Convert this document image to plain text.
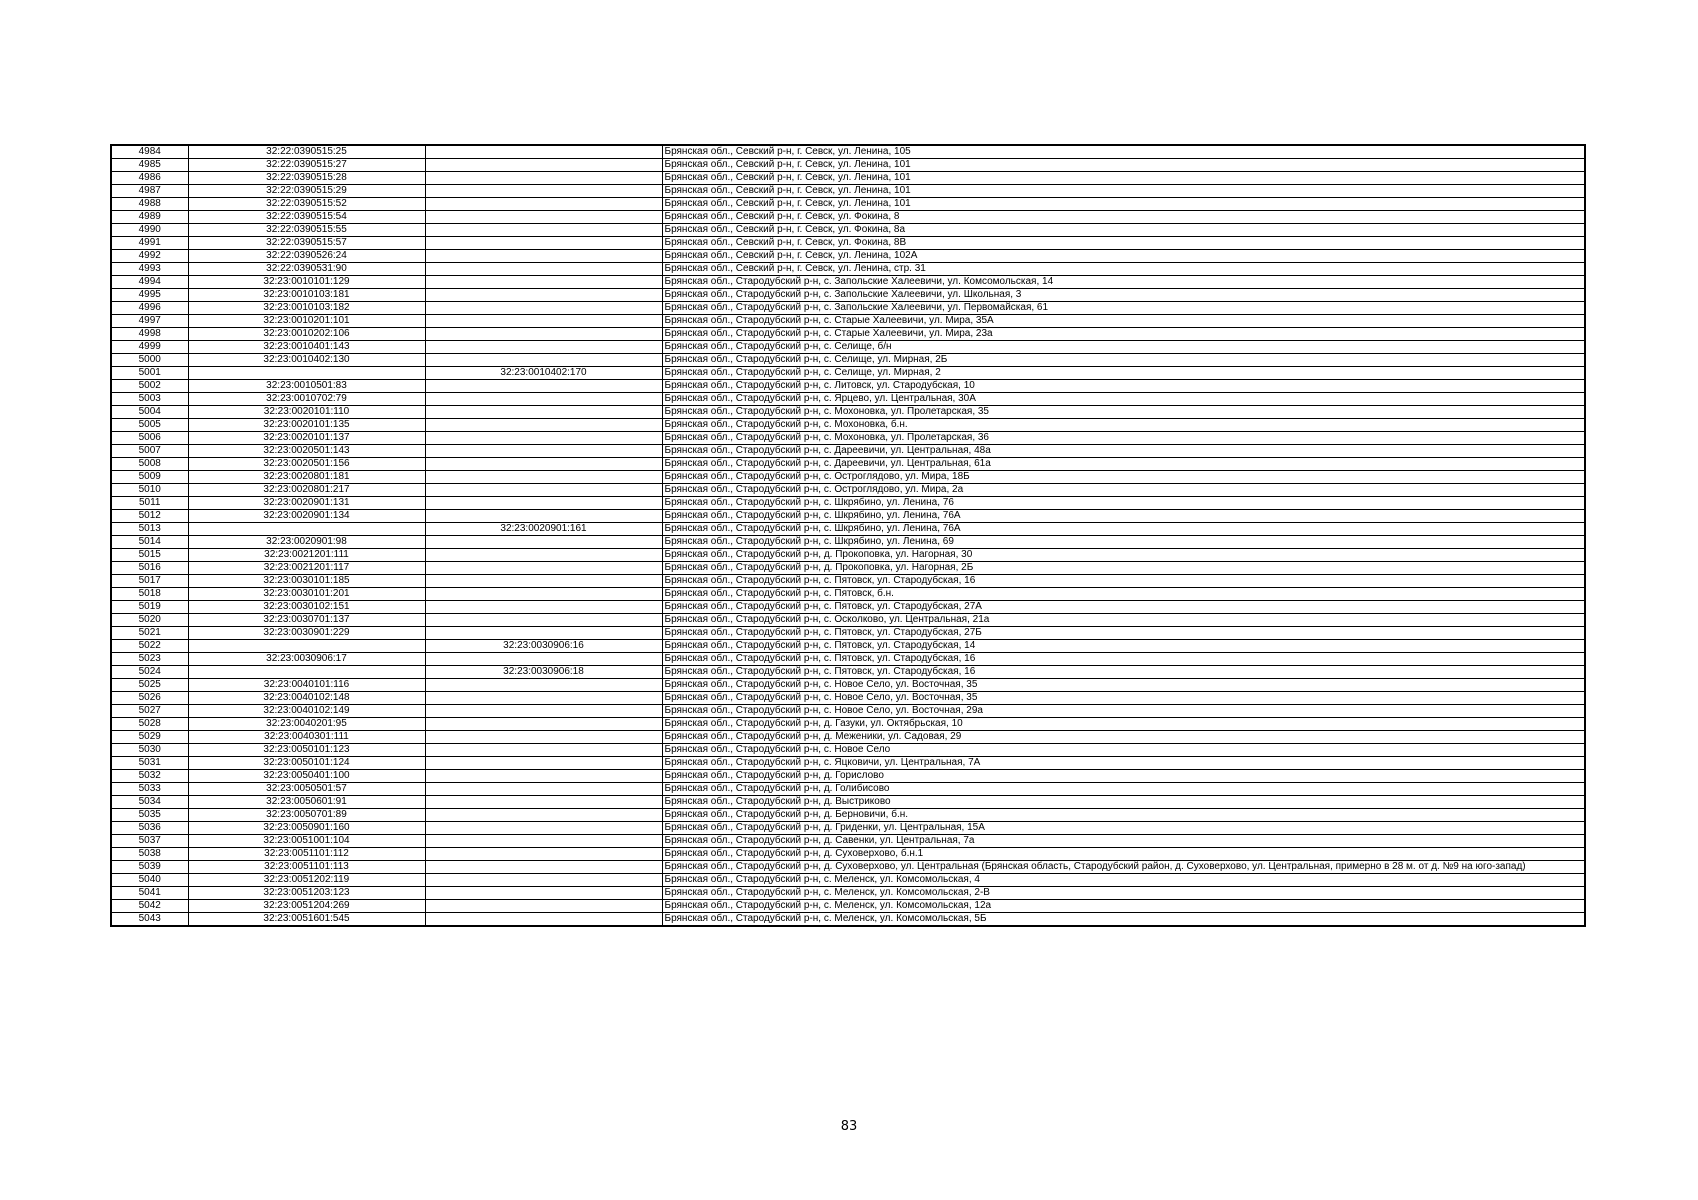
4984	32:22:0390515:25		Брянская обл., Севский р-н, г. Севск, ул. Ленина, 105
4985	32:22:0390515:27		Брянская обл., Севский р-н, г. Севск, ул. Ленина, 101
4986	32:22:0390515:28		Брянская обл., Севский р-н, г. Севск, ул. Ленина, 101
4987	32:22:0390515:29		Брянская обл., Севский р-н, г. Севск, ул. Ленина, 101
4988	32:22:0390515:52		Брянская обл., Севский р-н, г. Севск, ул. Ленина, 101
4989	32:22:0390515:54		Брянская обл., Севский р-н, г. Севск, ул. Фокина, 8
4990	32:22:0390515:55		Брянская обл., Севский р-н, г. Севск, ул. Фокина, 8а
4991	32:22:0390515:57		Брянская обл., Севский р-н, г. Севск, ул. Фокина, 8В
4992	32:22:0390526:24		Брянская обл., Севский р-н, г. Севск, ул. Ленина, 102А
4993	32:22:0390531:90		Брянская обл., Севский р-н, г. Севск, ул. Ленина, стр. 31
4994	32:23:0010101:129		Брянская обл., Стародубский р-н, с. Запольские Халеевичи, ул. Комсомольская, 14
4995	32:23:0010103:181		Брянская обл., Стародубский р-н, с. Запольские Халеевичи, ул. Школьная, 3
4996	32:23:0010103:182		Брянская обл., Стародубский р-н, с. Запольские Халеевичи, ул. Первомайская, 61
4997	32:23:0010201:101		Брянская обл., Стародубский р-н, с. Старые Халеевичи, ул. Мира, 35А
4998	32:23:0010202:106		Брянская обл., Стародубский р-н, с. Старые Халеевичи, ул. Мира, 23а
4999	32:23:0010401:143		Брянская обл., Стародубский р-н, с. Селище, б/н
5000	32:23:0010402:130		Брянская обл., Стародубский р-н, с. Селище, ул. Мирная, 2Б
5001		32:23:0010402:170	Брянская обл., Стародубский р-н, с. Селище, ул. Мирная, 2
5002	32:23:0010501:83		Брянская обл., Стародубский р-н, с. Литовск, ул. Стародубская, 10
5003	32:23:0010702:79		Брянская обл., Стародубский р-н, с. Ярцево, ул. Центральная, 30А
5004	32:23:0020101:110		Брянская обл., Стародубский р-н, с. Мохоновка, ул. Пролетарская, 35
5005	32:23:0020101:135		Брянская обл., Стародубский р-н, с. Мохоновка, б.н.
5006	32:23:0020101:137		Брянская обл., Стародубский р-н, с. Мохоновка, ул. Пролетарская, 36
5007	32:23:0020501:143		Брянская обл., Стародубский р-н, с. Дареевичи, ул. Центральная, 48а
5008	32:23:0020501:156		Брянская обл., Стародубский р-н, с. Дареевичи, ул. Центральная, 61а
5009	32:23:0020801:181		Брянская обл., Стародубский р-н, с. Остроглядово, ул. Мира, 18Б
5010	32:23:0020801:217		Брянская обл., Стародубский р-н, с. Остроглядово, ул. Мира, 2а
5011	32:23:0020901:131		Брянская обл., Стародубский р-н, с. Шкрябино, ул. Ленина, 76
5012	32:23:0020901:134		Брянская обл., Стародубский р-н, с. Шкрябино, ул. Ленина, 76А
5013		32:23:0020901:161	Брянская обл., Стародубский р-н, с. Шкрябино, ул. Ленина, 76А
5014	32:23:0020901:98		Брянская обл., Стародубский р-н, с. Шкрябино, ул. Ленина, 69
5015	32:23:0021201:111		Брянская обл., Стародубский р-н, д. Прокоповка, ул. Нагорная, 30
5016	32:23:0021201:117		Брянская обл., Стародубский р-н, д. Прокоповка, ул. Нагорная, 2Б
5017	32:23:0030101:185		Брянская обл., Стародубский р-н, с. Пятовск, ул. Стародубская, 16
5018	32:23:0030101:201		Брянская обл., Стародубский р-н, с. Пятовск, б.н.
5019	32:23:0030102:151		Брянская обл., Стародубский р-н, с. Пятовск, ул. Стародубская, 27А
5020	32:23:0030701:137		Брянская обл., Стародубский р-н, с. Осколково, ул. Центральная, 21а
5021	32:23:0030901:229		Брянская обл., Стародубский р-н, с. Пятовск, ул. Стародубская, 27Б
5022		32:23:0030906:16	Брянская обл., Стародубский р-н, с. Пятовск, ул. Стародубская, 14
5023	32:23:0030906:17		Брянская обл., Стародубский р-н, с. Пятовск, ул. Стародубская, 16
5024		32:23:0030906:18	Брянская обл., Стародубский р-н, с. Пятовск, ул. Стародубская, 16
5025	32:23:0040101:116		Брянская обл., Стародубский р-н, с. Новое Село, ул. Восточная, 35
5026	32:23:0040102:148		Брянская обл., Стародубский р-н, с. Новое Село, ул. Восточная, 35
5027	32:23:0040102:149		Брянская обл., Стародубский р-н, с. Новое Село, ул. Восточная, 29а
5028	32:23:0040201:95		Брянская обл., Стародубский р-н, д. Газуки, ул. Октябрьская, 10
5029	32:23:0040301:111		Брянская обл., Стародубский р-н, д. Меженики, ул. Садовая, 29
5030	32:23:0050101:123		Брянская обл., Стародубский р-н, с. Новое Село
5031	32:23:0050101:124		Брянская обл., Стародубский р-н, с. Яцковичи, ул. Центральная, 7А
5032	32:23:0050401:100		Брянская обл., Стародубский р-н, д. Горислово
5033	32:23:0050501:57		Брянская обл., Стародубский р-н, д. Голибисово
5034	32:23:0050601:91		Брянская обл., Стародубский р-н, д. Выстриково
5035	32:23:0050701:89		Брянская обл., Стародубский р-н, д. Берновичи, б.н.
5036	32:23:0050901:160		Брянская обл., Стародубский р-н, д. Гриденки, ул. Центральная, 15А
5037	32:23:0051001:104		Брянская обл., Стародубский р-н, д. Савенки, ул. Центральная, 7а
5038	32:23:0051101:112		Брянская обл., Стародубский р-н, д. Суховерхово, б.н.1
5039	32:23:0051101:113		Брянская обл., Стародубский р-н, д. Суховерхово, ул. Центральная (Брянская область, Стародубский район, д. Суховерхово, ул. Центральная, примерно в 28 м. от д. №9 на юго-запад)
5040	32:23:0051202:119		Брянская обл., Стародубский р-н, с. Меленск, ул. Комсомольская, 4
5041	32:23:0051203:123		Брянская обл., Стародубский р-н, с. Меленск, ул. Комсомольская, 2-В
5042	32:23:0051204:269		Брянская обл., Стародубский р-н, с. Меленск, ул. Комсомольская, 12а
5043	32:23:0051601:545		Брянская обл., Стародубский р-н, с. Меленск, ул. Комсомольская, 5Б
83
